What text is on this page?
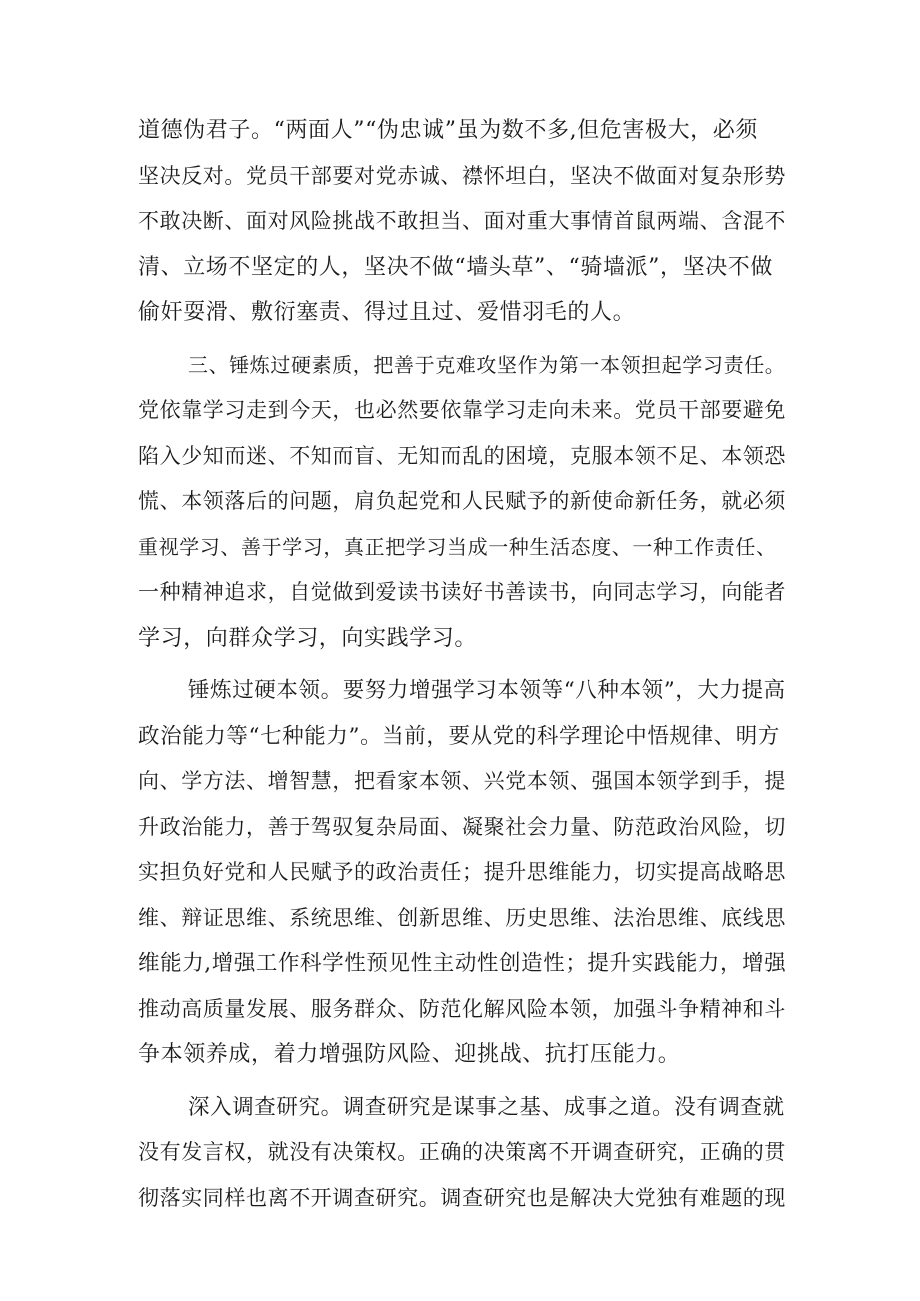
道德伪君子。“两面人”“伪忠诚”虽为数不多,但危害极大，必须
坚决反对。党员干部要对党赤诚、襟怀坦白，坚决不做面对复杂形势
不敢决断、面对风险挑战不敢担当、面对重大事情首鼠两端、含混不
清、立场不坚定的人，坚决不做“墙头草”、“骑墙派”，坚决不做
偷奸耍滑、敷衍塞责、得过且过、爱惜羽毛的人。

三、锤炼过硬素质，把善于克难攻坚作为第一本领担起学习责任。
党依靠学习走到今天，也必然要依靠学习走向未来。党员干部要避免
陷入少知而迷、不知而盲、无知而乱的困境，克服本领不足、本领恐
慌、本领落后的问题，肩负起党和人民赋予的新使命新任务，就必须
重视学习、善于学习，真正把学习当成一种生活态度、一种工作责任、
一种精神追求，自觉做到爱读书读好书善读书，向同志学习，向能者
学习，向群众学习，向实践学习。

锤炼过硬本领。要努力增强学习本领等“八种本领”，大力提高
政治能力等“七种能力”。当前，要从党的科学理论中悟规律、明方
向、学方法、增智慧，把看家本领、兴党本领、强国本领学到手，提
升政治能力，善于驾驭复杂局面、凝聚社会力量、防范政治风险，切
实担负好党和人民赋予的政治责任；提升思维能力，切实提高战略思
维、辩证思维、系统思维、创新思维、历史思维、法治思维、底线思
维能力,增强工作科学性预见性主动性创造性；提升实践能力，增强
推动高质量发展、服务群众、防范化解风险本领，加强斗争精神和斗
争本领养成，着力增强防风险、迎挑战、抗打压能力。

深入调查研究。调查研究是谋事之基、成事之道。没有调查就
没有发言权，就没有决策权。正确的决策离不开调查研究，正确的贯
彻落实同样也离不开调查研究。调查研究也是解决大党独有难题的现
